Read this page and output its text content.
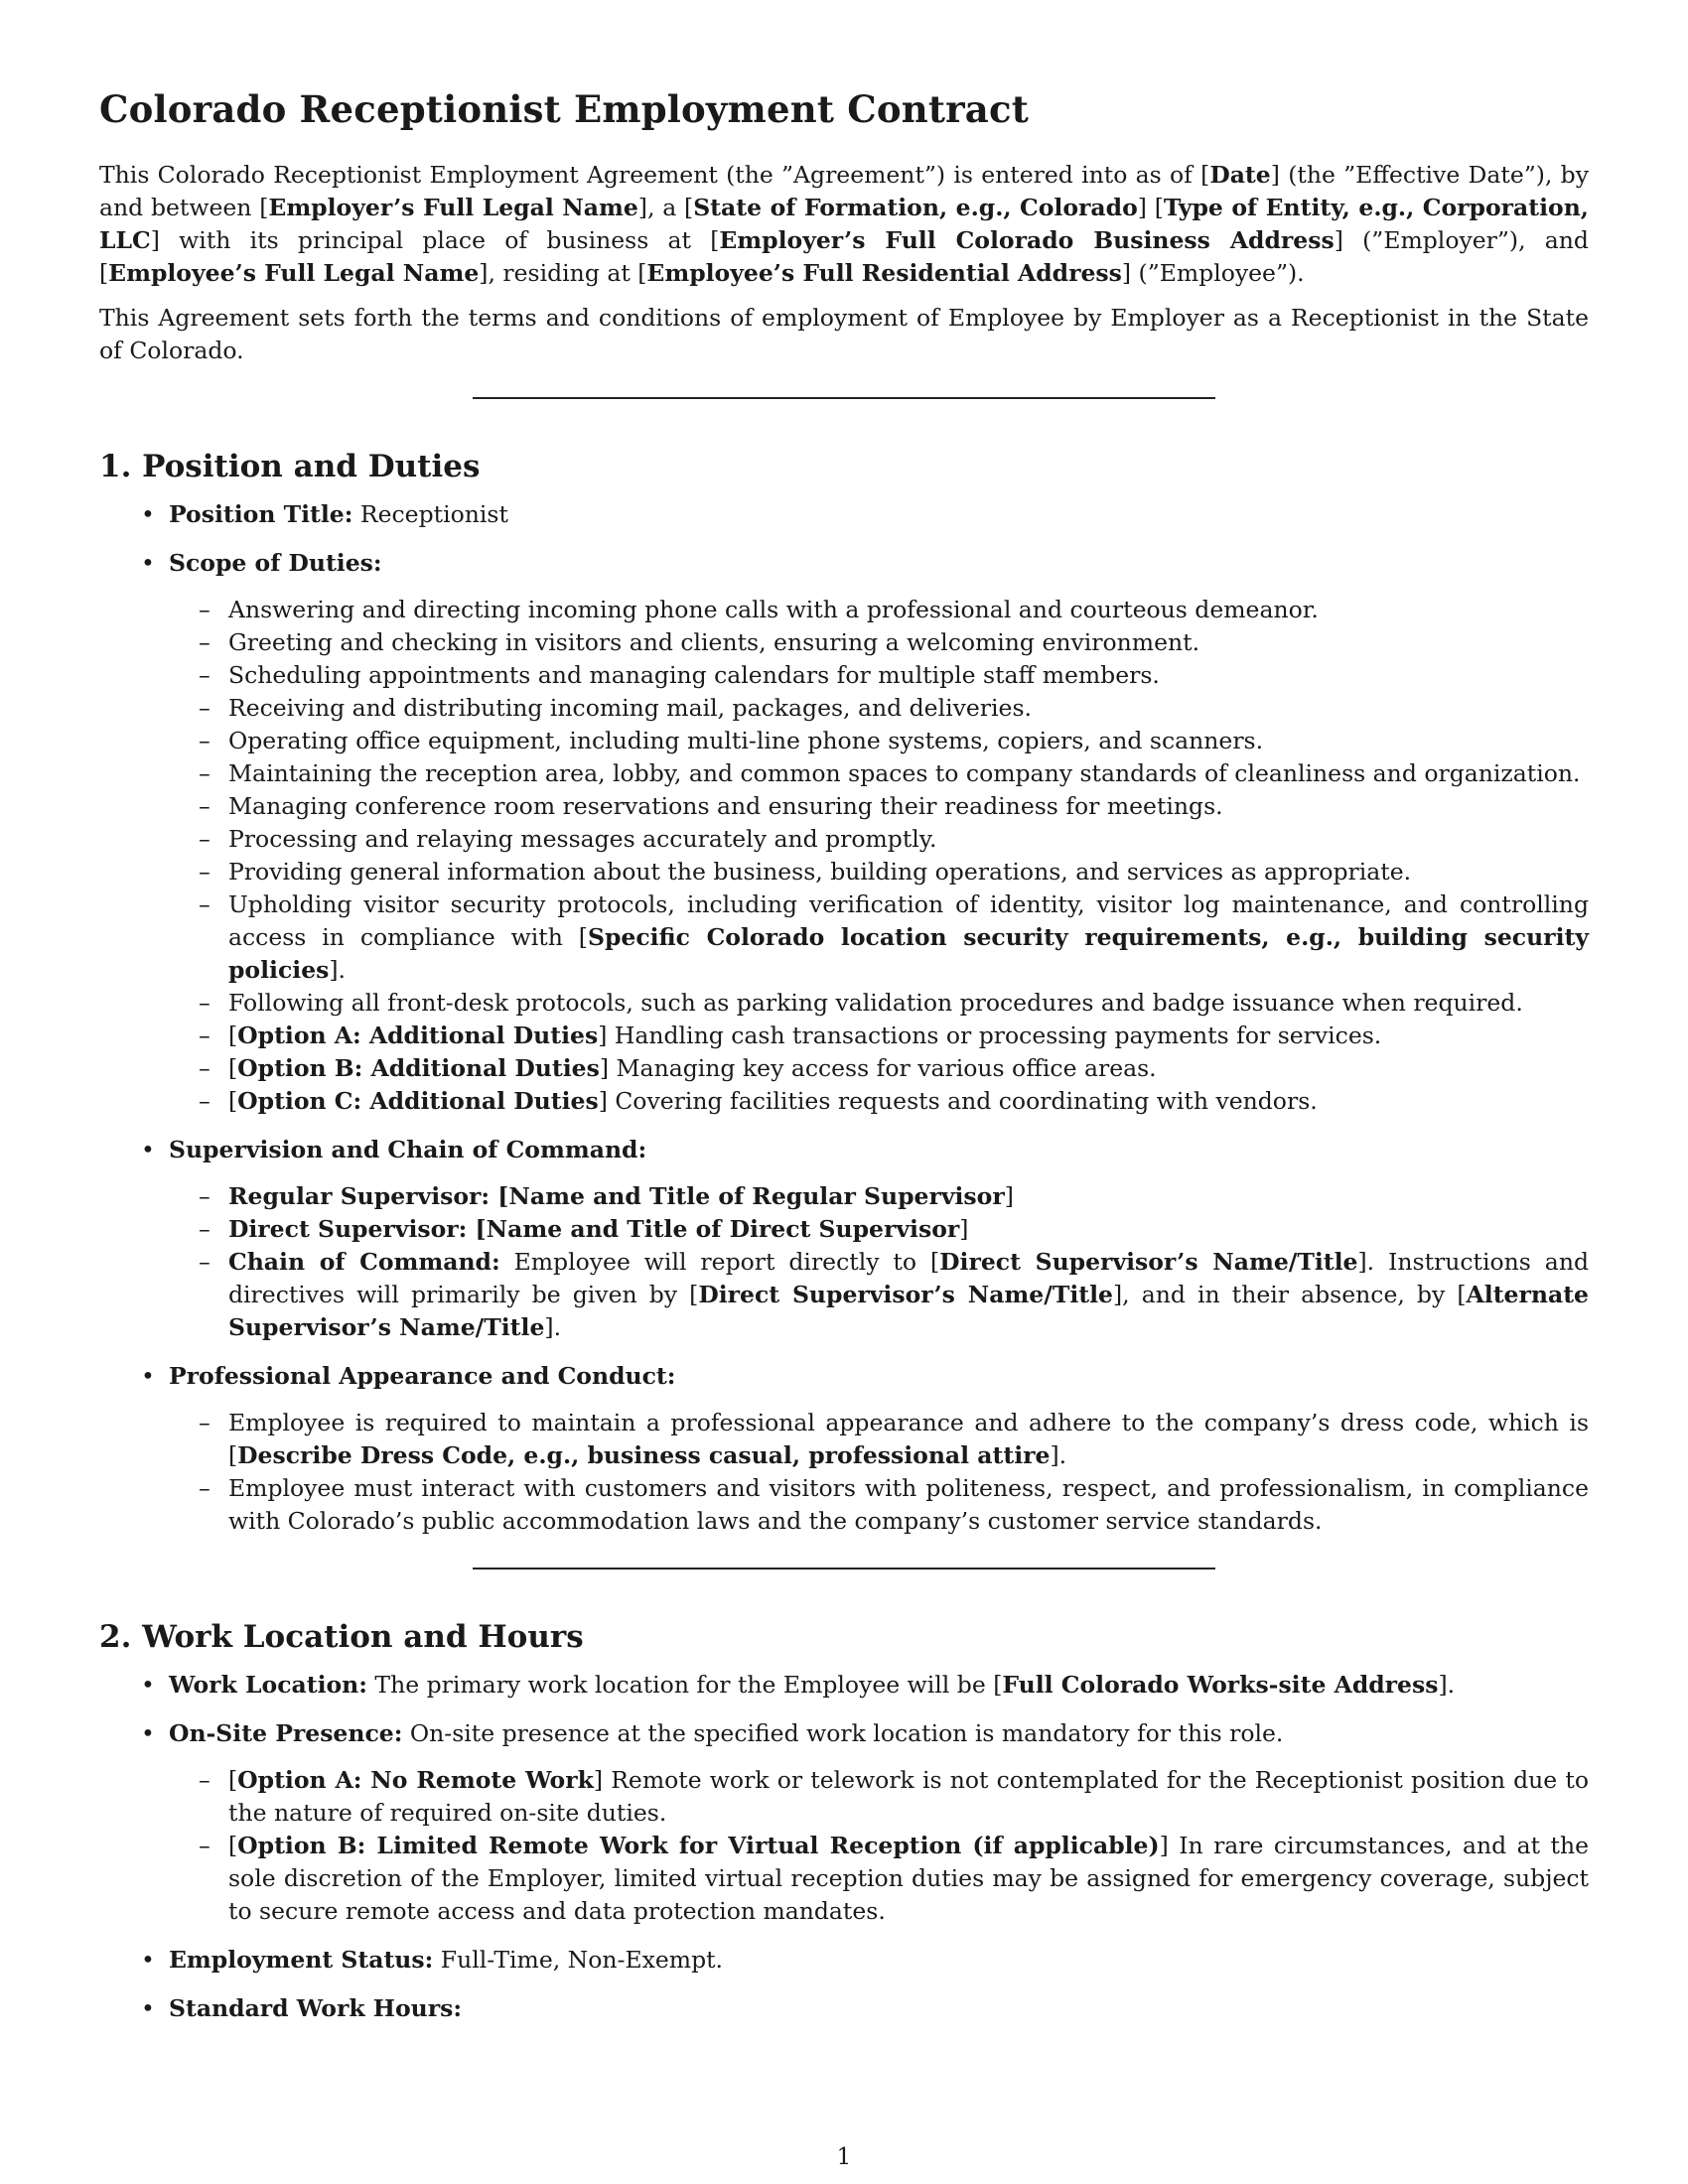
Colorado Receptionist Employment Contract

This Colorado Receptionist Employment Agreement (the ”Agreement”) is entered into as of [Date] (the ”Effective Date”), by and between [Employer’s Full Legal Name], a [State of Formation, e.g., Colorado] [Type of Entity, e.g., Corporation, LLC] with its principal place of business at [Employer’s Full Colorado Business Address] (”Employer”), and [Employee’s Full Legal Name], residing at [Employee’s Full Residential Address] (”Employee”).

This Agreement sets forth the terms and conditions of employment of Employee by Employer as a Receptionist in the State of Colorado.

1. Position and Duties
• Position Title: Receptionist
• Scope of Duties:
– Answering and directing incoming phone calls with a professional and courteous demeanor.
– Greeting and checking in visitors and clients, ensuring a welcoming environment.
– Scheduling appointments and managing calendars for multiple staff members.
– Receiving and distributing incoming mail, packages, and deliveries.
– Operating office equipment, including multi-line phone systems, copiers, and scanners.
– Maintaining the reception area, lobby, and common spaces to company standards of cleanliness and organization.
– Managing conference room reservations and ensuring their readiness for meetings.
– Processing and relaying messages accurately and promptly.
– Providing general information about the business, building operations, and services as appropriate.
– Upholding visitor security protocols, including verification of identity, visitor log maintenance, and controlling access in compliance with [Specific Colorado location security requirements, e.g., building security policies].
– Following all front-desk protocols, such as parking validation procedures and badge issuance when required.
– [Option A: Additional Duties] Handling cash transactions or processing payments for services.
– [Option B: Additional Duties] Managing key access for various office areas.
– [Option C: Additional Duties] Covering facilities requests and coordinating with vendors.
• Supervision and Chain of Command:
– Regular Supervisor: [Name and Title of Regular Supervisor]
– Direct Supervisor: [Name and Title of Direct Supervisor]
– Chain of Command: Employee will report directly to [Direct Supervisor’s Name/Title]. Instructions and directives will primarily be given by [Direct Supervisor’s Name/Title], and in their absence, by [Alternate Supervisor’s Name/Title].
• Professional Appearance and Conduct:
– Employee is required to maintain a professional appearance and adhere to the company’s dress code, which is [Describe Dress Code, e.g., business casual, professional attire].
– Employee must interact with customers and visitors with politeness, respect, and professionalism, in compliance with Colorado’s public accommodation laws and the company’s customer service standards.
2. Work Location and Hours
• Work Location: The primary work location for the Employee will be [Full Colorado Works-site Address].
• On-Site Presence: On-site presence at the specified work location is mandatory for this role.
– [Option A: No Remote Work] Remote work or telework is not contemplated for the Receptionist position due to the nature of required on-site duties.
– [Option B: Limited Remote Work for Virtual Reception (if applicable)] In rare circumstances, and at the sole discretion of the Employer, limited virtual reception duties may be assigned for emergency coverage, subject to secure remote access and data protection mandates.
• Employment Status: Full-Time, Non-Exempt.
• Standard Work Hours:
1
